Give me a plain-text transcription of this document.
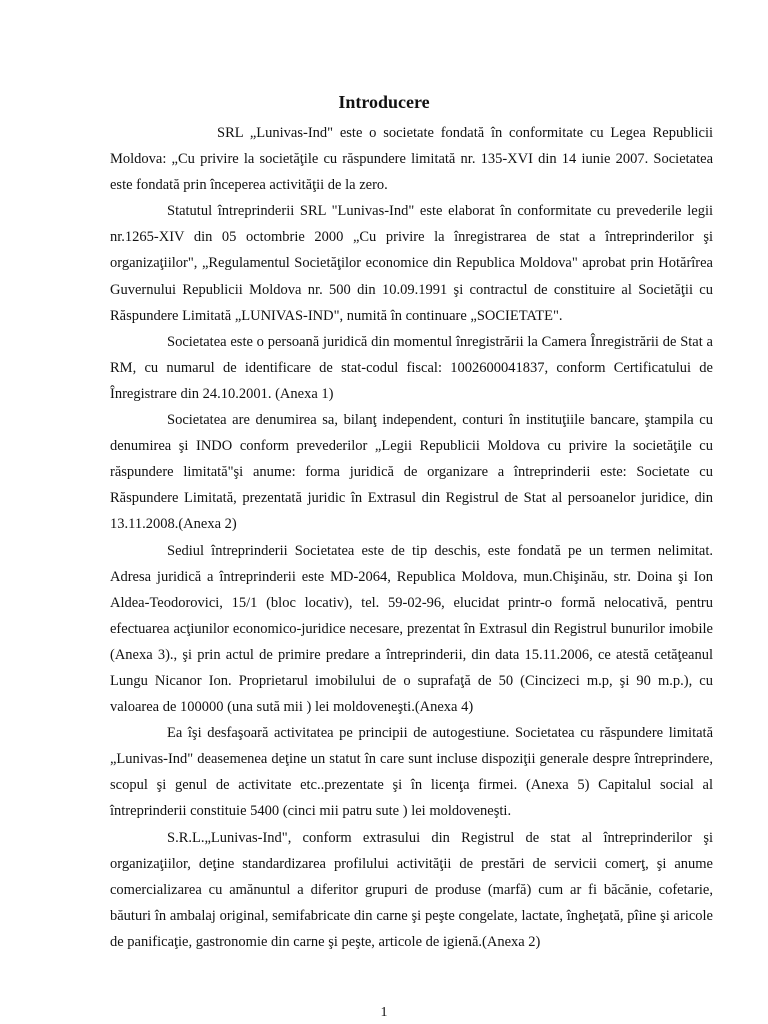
Introducere

SRL „Lunivas-Ind" este o societate fondată în conformitate cu Legea Republicii Moldova: „Cu privire la societăţile cu răspundere limitată nr. 135-XVI din 14 iunie 2007. Societatea este fondată prin începerea activităţii de la zero.

Statutul întreprinderii SRL "Lunivas-Ind" este elaborat în conformitate cu prevederile legii nr.1265-XIV din 05 octombrie 2000 „Cu privire la înregistrarea de stat a întreprinderilor şi organizaţiilor", „Regulamentul Societăţilor economice din Republica Moldova" aprobat prin Hotărîrea Guvernului Republicii Moldova nr. 500 din 10.09.1991 şi contractul de constituire al Societăţii cu Răspundere Limitată „LUNIVAS-IND", numită în continuare „SOCIETATE".

Societatea este o persoană juridică din momentul înregistrării la Camera Înregistrării de Stat a RM, cu numarul de identificare de stat-codul fiscal: 1002600041837, conform Certificatului de Înregistrare din 24.10.2001. (Anexa 1)

Societatea are denumirea sa, bilanţ independent, conturi în instituţiile bancare, ştampila cu denumirea şi INDO conform prevederilor „Legii Republicii Moldova cu privire la societăţile cu răspundere limitată"şi anume: forma juridică de organizare a întreprinderii este: Societate cu Răspundere Limitată, prezentată juridic în Extrasul din Registrul de Stat al persoanelor juridice, din 13.11.2008.(Anexa 2)

Sediul întreprinderii Societatea este de tip deschis, este fondată pe un termen nelimitat. Adresa juridică a întreprinderii este MD-2064, Republica Moldova, mun.Chişinău, str. Doina şi Ion Aldea-Teodorovici, 15/1 (bloc locativ), tel. 59-02-96, elucidat printr-o formă nelocativă, pentru efectuarea acţiunilor economico-juridice necesare, prezentat în Extrasul din Registrul bunurilor imobile (Anexa 3)., şi prin actul de primire predare a întreprinderii, din data 15.11.2006, ce atestă cetăţeanul Lungu Nicanor Ion. Proprietarul imobilului de o suprafaţă de 50 (Cincizeci m.p, şi 90 m.p.), cu valoarea de 100000 (una sută mii ) lei moldoveneşti.(Anexa 4)

Ea îşi desfaşoară activitatea pe principii de autogestiune. Societatea cu răspundere limitată „Lunivas-Ind" deasemenea deţine un statut în care sunt incluse dispoziţii generale despre întreprindere, scopul şi genul de activitate etc..prezentate şi în licenţa firmei. (Anexa 5) Capitalul social al întreprinderii constituie 5400 (cinci mii patru sute ) lei moldoveneşti.

S.R.L.„Lunivas-Ind", conform extrasului din Registrul de stat al întreprinderilor şi organizaţiilor, deţine standardizarea profilului activităţii de prestări de servicii comerţ, şi anume comercializarea cu amănuntul a diferitor grupuri de produse (marfă) cum ar fi băcănie, cofetarie, băuturi în ambalaj original, semifabricate din carne şi peşte congelate, lactate, îngheţată, pîine şi aricole de panificaţie, gastronomie din carne şi peşte, articole de igienă.(Anexa 2)

1
